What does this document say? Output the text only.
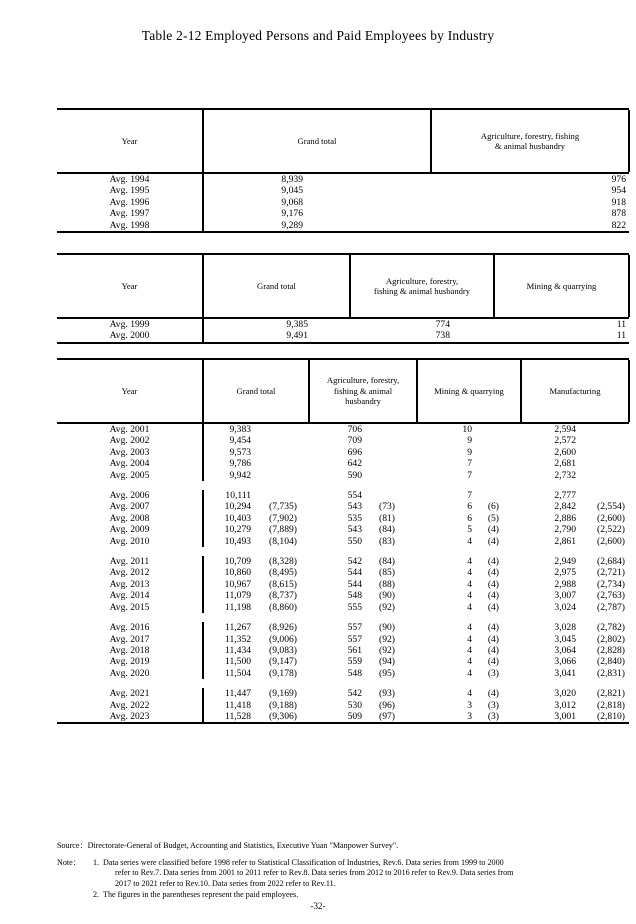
Table 2-12 Employed Persons and Paid Employees by Industry
Year	Grand total	Agriculture, forestry, fishing
& animal husbandry
Avg. 1994	8,939	976
Avg. 1995	9,045	954
Avg. 1996	9,068	918
Avg. 1997	9,176	878
Avg. 1998	9,289	822
Year	Grand total	Agriculture, forestry,
fishing & animal husbandry	Mining & quarrying
Avg. 1999	9,385	774	11
Avg. 2000	9,491	738	11
Year	Grand total	Agriculture, forestry,
fishing & animal
husbandry	Mining & quarrying	Manufacturing
Avg. 2001	9,383	706	10	2,594

Avg. 2002	9,454	709	9	2,572

Avg. 2003	9,573	696	9	2,600

Avg. 2004	9,786	642	7	2,681

Avg. 2005	9,942	590	7	2,732

Avg. 2006	10,111	554	7	2,777

Avg. 2007	10,294 (7,735)	543 (73)	6 (6)	2,842 (2,554)

Avg. 2008	10,403 (7,902)	535 (81)	6 (5)	2,886 (2,600)

Avg. 2009	10,279 (7,889)	543 (84)	5 (4)	2,790 (2,522)

Avg. 2010	10,493 (8,104)	550 (83)	4 (4)	2,861 (2,600)

Avg. 2011	10,709 (8,328)	542 (84)	4 (4)	2,949 (2,684)

Avg. 2012	10,860 (8,495)	544 (85)	4 (4)	2,975 (2,721)

Avg. 2013	10,967 (8,615)	544 (88)	4 (4)	2,988 (2,734)

Avg. 2014	11,079 (8,737)	548 (90)	4 (4)	3,007 (2,763)

Avg. 2015	11,198 (8,860)	555 (92)	4 (4)	3,024 (2,787)

Avg. 2016	11,267 (8,926)	557 (90)	4 (4)	3,028 (2,782)

Avg. 2017	11,352 (9,006)	557 (92)	4 (4)	3,045 (2,802)

Avg. 2018	11,434 (9,083)	561 (92)	4 (4)	3,064 (2,828)

Avg. 2019	11,500 (9,147)	559 (94)	4 (4)	3,066 (2,840)

Avg. 2020	11,504 (9,178)	548 (95)	4 (3)	3,041 (2,831)

Avg. 2021	11,447 (9,169)	542 (93)	4 (4)	3,020 (2,821)

Avg. 2022	11,418 (9,188)	530 (96)	3 (3)	3,012 (2,818)

Avg. 2023	11,528 (9,306)	509 (97)	3 (3)	3,001 (2,810)
Source：Directorate-General of Budget, Accounting and Statistics, Executive Yuan "Manpower Survey".
Note：	1. Data series were classified before 1998 refer to Statistical Classification of Industries, Rev.6. Data series from 1999 to 2000
refer to Rev.7. Data series from 2001 to 2011 refer to Rev.8. Data series from 2012 to 2016 refer to Rev.9. Data series from
2017 to 2021 refer to Rev.10. Data series from 2022 refer to Rev.11.
2. The figures in the parentheses represent the paid employees.
-32-
